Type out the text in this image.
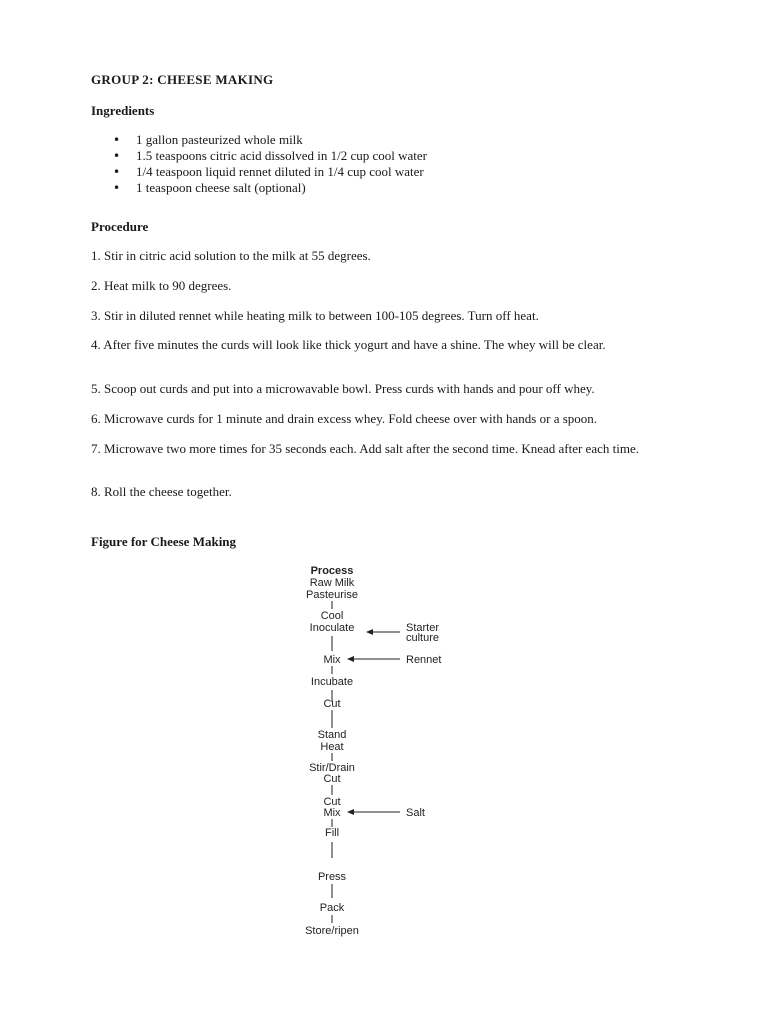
GROUP 2: CHEESE MAKING
Ingredients
• 1 gallon pasteurized whole milk
• 1.5 teaspoons citric acid dissolved in 1/2 cup cool water
• 1/4 teaspoon liquid rennet diluted in 1/4 cup cool water
• 1 teaspoon cheese salt (optional)
Procedure
1. Stir in citric acid solution to the milk at 55 degrees.
2. Heat milk to 90 degrees.
3. Stir in diluted rennet while heating milk to between 100-105 degrees. Turn off heat.
4. After five minutes the curds will look like thick yogurt and have a shine. The whey will be clear.
5. Scoop out curds and put into a microwavable bowl. Press curds with hands and pour off whey.
6. Microwave curds for 1 minute and drain excess whey. Fold cheese over with hands or a spoon.
7. Microwave two more times for 35 seconds each. Add salt after the second time. Knead after each time.
8. Roll the cheese together.
Figure for Cheese Making
Process
Raw Milk
Pasteurise
Cool
Inoculate
Mix
Incubate
Cut
Stand
Heat
Stir/Drain
Cut
Cut
Mix
Fill
Press
Pack
Store/ripen
Starter
culture
Rennet
Salt
